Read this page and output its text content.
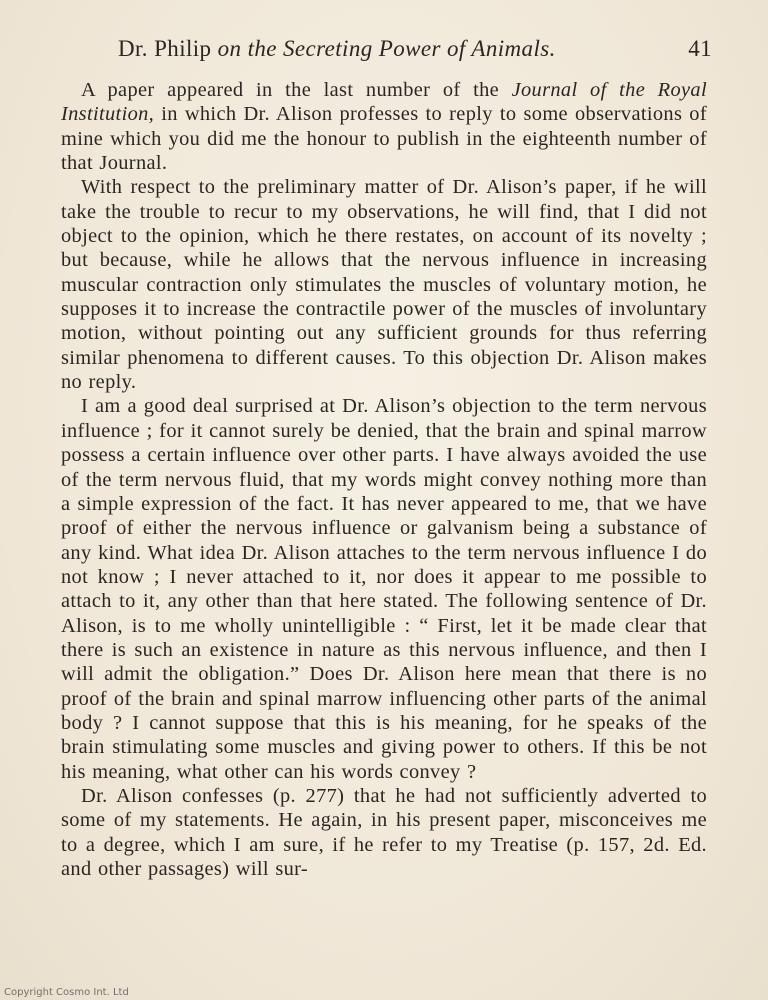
Dr. Philip on the Secreting Power of Animals.	41

A paper appeared in the last number of the Journal of the Royal Institution, in which Dr. Alison professes to reply to some observations of mine which you did me the honour to publish in the eighteenth number of that Journal.

With respect to the preliminary matter of Dr. Alison’s paper, if he will take the trouble to recur to my observations, he will find, that I did not object to the opinion, which he there restates, on account of its novelty ; but because, while he allows that the nervous influence in increasing muscular contraction only stimulates the muscles of voluntary motion, he supposes it to increase the contractile power of the muscles of involuntary motion, without pointing out any sufficient grounds for thus referring similar phenomena to different causes. To this objection Dr. Alison makes no reply.

I am a good deal surprised at Dr. Alison’s objection to the term nervous influence ; for it cannot surely be denied, that the brain and spinal marrow possess a certain influence over other parts. I have always avoided the use of the term nervous fluid, that my words might convey nothing more than a simple expression of the fact. It has never appeared to me, that we have proof of either the nervous influence or galvanism being a substance of any kind. What idea Dr. Alison attaches to the term nervous influence I do not know ; I never attached to it, nor does it appear to me possible to attach to it, any other than that here stated. The following sentence of Dr. Alison, is to me wholly unintelligible : “ First, let it be made clear that there is such an existence in nature as this nervous influence, and then I will admit the obligation.” Does Dr. Alison here mean that there is no proof of the brain and spinal marrow influencing other parts of the animal body ? I cannot suppose that this is his meaning, for he speaks of the brain stimulating some muscles and giving power to others. If this be not his meaning, what other can his words convey ?

Dr. Alison confesses (p. 277) that he had not sufficiently adverted to some of my statements. He again, in his present paper, misconceives me to a degree, which I am sure, if he refer to my Treatise (p. 157, 2d. Ed. and other passages) will sur-

Copyright Cosmo Int. Ltd
